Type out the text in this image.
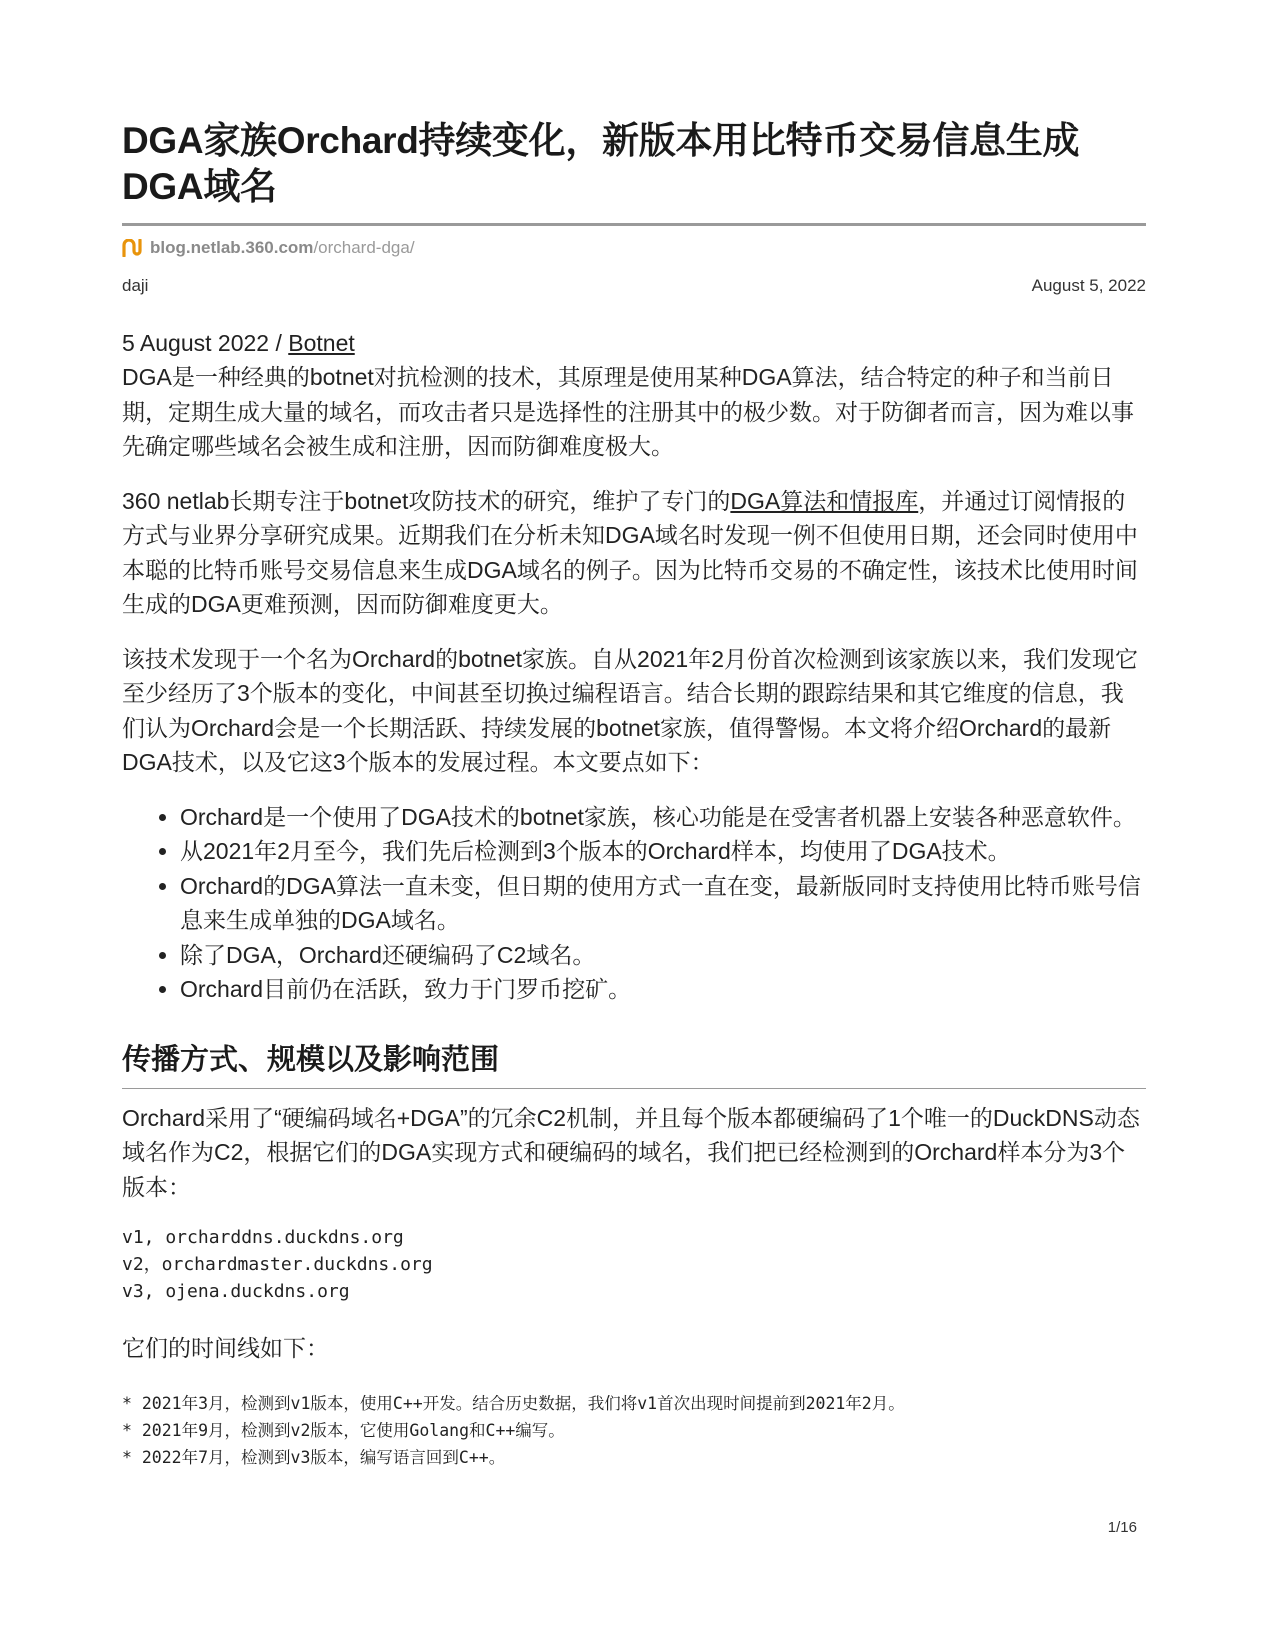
DGA家族Orchard持续变化，新版本用比特币交易信息生成DGA域名
blog.netlab.360.com /orchard-dga/
daji	August 5, 2022
5 August 2022 / Botnet

DGA是一种经典的botnet对抗检测的技术，其原理是使用某种DGA算法，结合特定的种子和当前日期，定期生成大量的域名，而攻击者只是选择性的注册其中的极少数。对于防御者而言，因为难以事先确定哪些域名会被生成和注册，因而防御难度极大。

360 netlab长期专注于botnet攻防技术的研究，维护了专门的DGA算法和情报库，并通过订阅情报的方式与业界分享研究成果。近期我们在分析未知DGA域名时发现一例不但使用日期，还会同时使用中本聪的比特币账号交易信息来生成DGA域名的例子。因为比特币交易的不确定性，该技术比使用时间生成的DGA更难预测，因而防御难度更大。

该技术发现于一个名为Orchard的botnet家族。自从2021年2月份首次检测到该家族以来，我们发现它至少经历了3个版本的变化，中间甚至切换过编程语言。结合长期的跟踪结果和其它维度的信息，我们认为Orchard会是一个长期活跃、持续发展的botnet家族，值得警惕。本文将介绍Orchard的最新DGA技术，以及它这3个版本的发展过程。本文要点如下：

• Orchard是一个使用了DGA技术的botnet家族，核心功能是在受害者机器上安装各种恶意软件。
• 从2021年2月至今，我们先后检测到3个版本的Orchard样本，均使用了DGA技术。
• Orchard的DGA算法一直未变，但日期的使用方式一直在变，最新版同时支持使用比特币账号信息来生成单独的DGA域名。
• 除了DGA，Orchard还硬编码了C2域名。
• Orchard目前仍在活跃，致力于门罗币挖矿。
传播方式、规模以及影响范围

Orchard采用了“硬编码域名+DGA”的冗余C2机制，并且每个版本都硬编码了1个唯一的DuckDNS动态域名作为C2，根据它们的DGA实现方式和硬编码的域名，我们把已经检测到的Orchard样本分为3个版本：

v1, orcharddns.duckdns.org
v2，orchardmaster.duckdns.org
v3, ojena.duckdns.org

它们的时间线如下：

* 2021年3月，检测到v1版本，使用C++开发。结合历史数据，我们将v1首次出现时间提前到2021年2月。
* 2021年9月，检测到v2版本，它使用Golang和C++编写。
* 2022年7月，检测到v3版本，编写语言回到C++。
1/16
